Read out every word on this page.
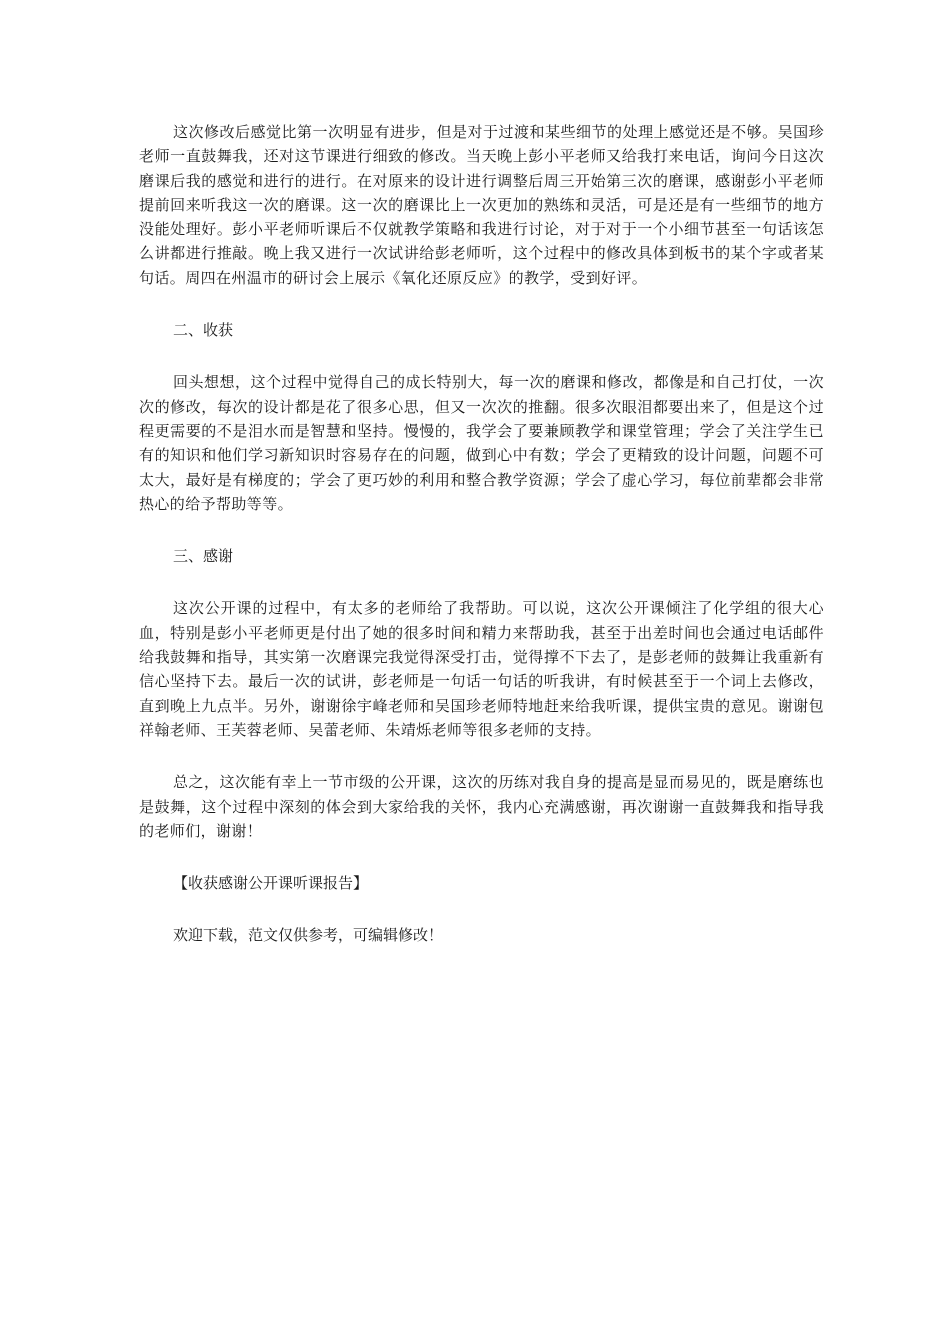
这次修改后感觉比第一次明显有进步，但是对于过渡和某些细节的处理上感觉还是不够。吴国珍老师一直鼓舞我，还对这节课进行细致的修改。当天晚上彭小平老师又给我打来电话，询问今日这次磨课后我的感觉和进行的进行。在对原来的设计进行调整后周三开始第三次的磨课，感谢彭小平老师提前回来听我这一次的磨课。这一次的磨课比上一次更加的熟练和灵活，可是还是有一些细节的地方没能处理好。彭小平老师听课后不仅就教学策略和我进行讨论，对于对于一个小细节甚至一句话该怎么讲都进行推敲。晚上我又进行一次试讲给彭老师听，这个过程中的修改具体到板书的某个字或者某句话。周四在州温市的研讨会上展示《氧化还原反应》的教学，受到好评。

二、收获

回头想想，这个过程中觉得自己的成长特别大，每一次的磨课和修改，都像是和自己打仗，一次次的修改，每次的设计都是花了很多心思，但又一次次的推翻。很多次眼泪都要出来了，但是这个过程更需要的不是泪水而是智慧和坚持。慢慢的，我学会了要兼顾教学和课堂管理；学会了关注学生已有的知识和他们学习新知识时容易存在的问题，做到心中有数；学会了更精致的设计问题，问题不可太大，最好是有梯度的；学会了更巧妙的利用和整合教学资源；学会了虚心学习，每位前辈都会非常热心的给予帮助等等。

三、感谢

这次公开课的过程中，有太多的老师给了我帮助。可以说，这次公开课倾注了化学组的很大心血，特别是彭小平老师更是付出了她的很多时间和精力来帮助我，甚至于出差时间也会通过电话邮件给我鼓舞和指导，其实第一次磨课完我觉得深受打击，觉得撑不下去了，是彭老师的鼓舞让我重新有信心坚持下去。最后一次的试讲，彭老师是一句话一句话的听我讲，有时候甚至于一个词上去修改，直到晚上九点半。另外，谢谢徐宇峰老师和吴国珍老师特地赶来给我听课，提供宝贵的意见。谢谢包祥翰老师、王芙蓉老师、吴蕾老师、朱靖烁老师等很多老师的支持。

总之，这次能有幸上一节市级的公开课，这次的历练对我自身的提高是显而易见的，既是磨练也是鼓舞，这个过程中深刻的体会到大家给我的关怀，我内心充满感谢，再次谢谢一直鼓舞我和指导我的老师们，谢谢！

【收获感谢公开课听课报告】

欢迎下载，范文仅供参考，可编辑修改！
